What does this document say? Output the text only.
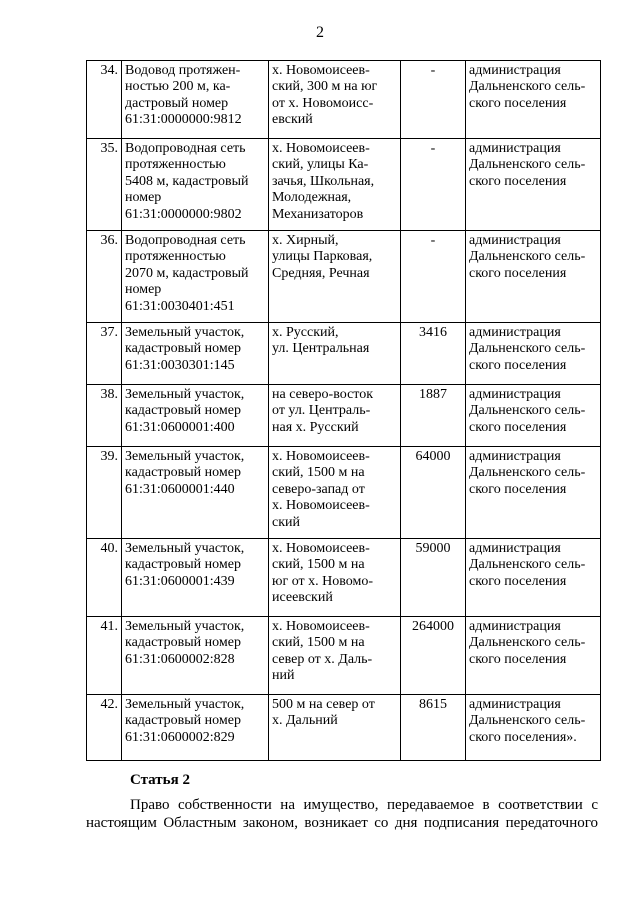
2
34.	Водовод протяжен-
ностью 200 м, ка-
дастровый номер
61:31:0000000:9812	х. Новомоисеев-
ский, 300 м на юг
от х. Новомоисс-
евский	-	администрация
Дальненского сель-
ского поселения

35.	Водопроводная сеть
протяженностью
5408 м, кадастровый
номер
61:31:0000000:9802	х. Новомоисеев-
ский, улицы Ка-
зачья, Школьная,
Молодежная,
Механизаторов	-	администрация
Дальненского сель-
ского поселения

36.	Водопроводная сеть
протяженностью
2070 м, кадастровый
номер
61:31:0030401:451	х. Хирный,
улицы Парковая,
Средняя, Речная	-	администрация
Дальненского сель-
ского поселения

37.	Земельный участок,
кадастровый номер
61:31:0030301:145	х. Русский,
ул. Центральная	3416	администрация
Дальненского сель-
ского поселения

38.	Земельный участок,
кадастровый номер
61:31:0600001:400	на северо-восток
от ул. Централь-
ная х. Русский	1887	администрация
Дальненского сель-
ского поселения

39.	Земельный участок,
кадастровый номер
61:31:0600001:440	х. Новомоисеев-
ский, 1500 м на
северо-запад от
х. Новомоисеев-
ский	64000	администрация
Дальненского сель-
ского поселения

40.	Земельный участок,
кадастровый номер
61:31:0600001:439	х. Новомоисеев-
ский, 1500 м на
юг от х. Новомо-
исеевский	59000	администрация
Дальненского сель-
ского поселения

41.	Земельный участок,
кадастровый номер
61:31:0600002:828	х. Новомоисеев-
ский, 1500 м на
север от х. Даль-
ний	264000	администрация
Дальненского сель-
ского поселения

42.	Земельный участок,
кадастровый номер
61:31:0600002:829	500 м на север от
х. Дальний	8615	администрация
Дальненского сель-
ского поселения».
Статья 2
Право собственности на имущество, передаваемое в соответствии с
настоящим Областным законом, возникает со дня подписания передаточного
